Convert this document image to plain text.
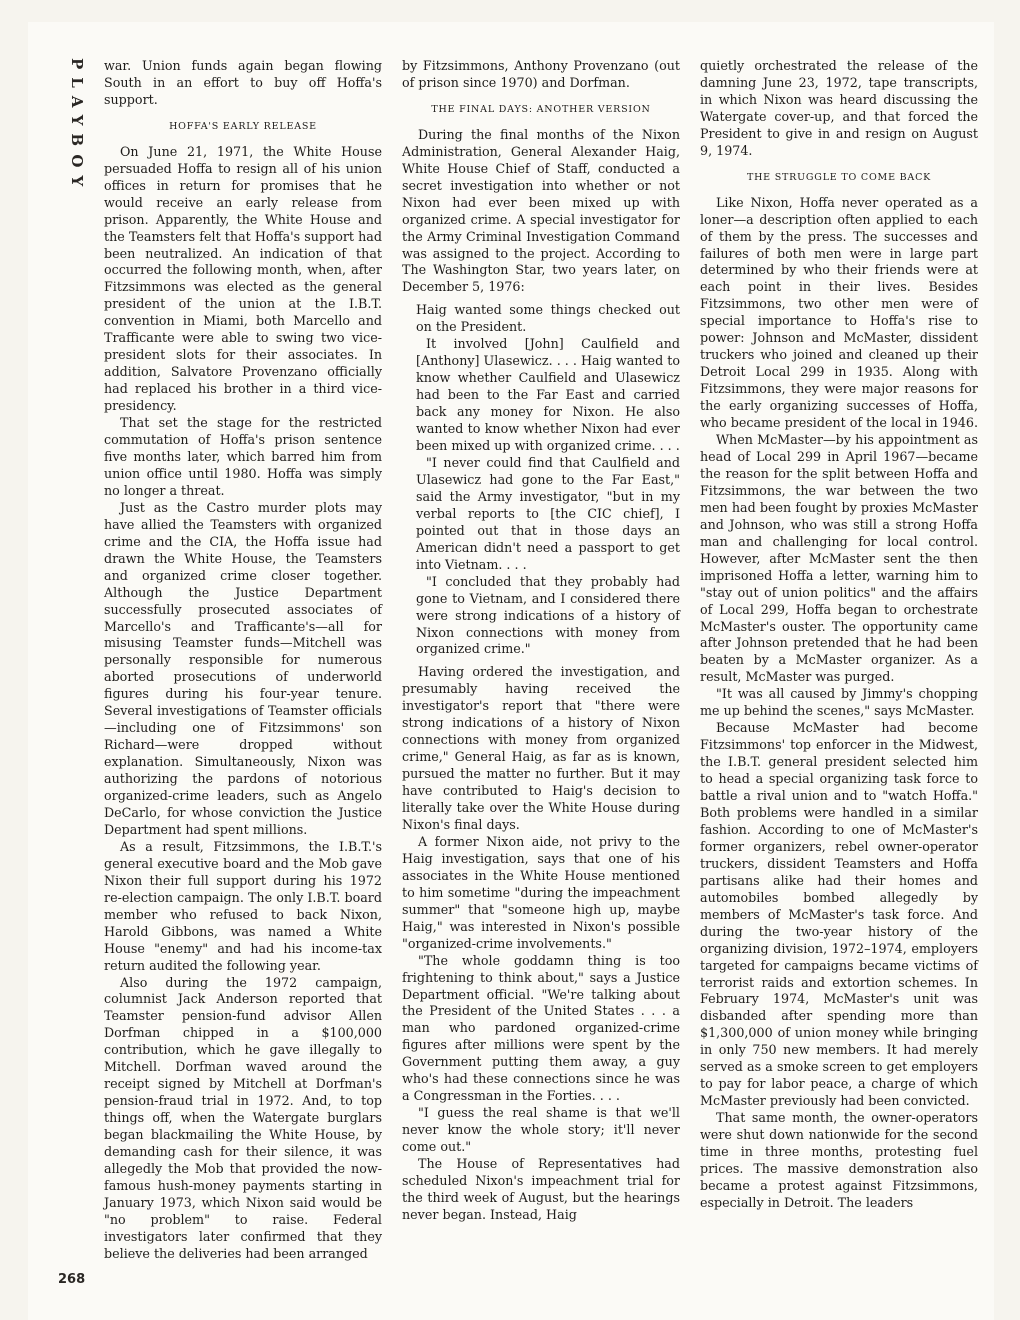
PLAYBOY
268

war. Union funds again began flowing South in an effort to buy off Hoffa's support.

HOFFA'S EARLY RELEASE

On June 21, 1971, the White House persuaded Hoffa to resign all of his union offices in return for promises that he would receive an early release from prison. Apparently, the White House and the Teamsters felt that Hoffa's support had been neutralized. An indication of that occurred the following month, when, after Fitzsimmons was elected as the general president of the union at the I.B.T. convention in Miami, both Marcello and Trafficante were able to swing two vice-president slots for their associates. In addition, Salvatore Provenzano officially had replaced his brother in a third vice-presidency.

That set the stage for the restricted commutation of Hoffa's prison sentence five months later, which barred him from union office until 1980. Hoffa was simply no longer a threat.

Just as the Castro murder plots may have allied the Teamsters with organized crime and the CIA, the Hoffa issue had drawn the White House, the Teamsters and organized crime closer together. Although the Justice Department successfully prosecuted associates of Marcello's and Trafficante's—all for misusing Teamster funds—Mitchell was personally responsible for numerous aborted prosecutions of underworld figures during his four-year tenure. Several investigations of Teamster officials—including one of Fitzsimmons' son Richard—were dropped without explanation. Simultaneously, Nixon was authorizing the pardons of notorious organized-crime leaders, such as Angelo DeCarlo, for whose conviction the Justice Department had spent millions.

As a result, Fitzsimmons, the I.B.T.'s general executive board and the Mob gave Nixon their full support during his 1972 re-election campaign. The only I.B.T. board member who refused to back Nixon, Harold Gibbons, was named a White House "enemy" and had his income-tax return audited the following year.

Also during the 1972 campaign, columnist Jack Anderson reported that Teamster pension-fund advisor Allen Dorfman chipped in a $100,000 contribution, which he gave illegally to Mitchell. Dorfman waved around the receipt signed by Mitchell at Dorfman's pension-fraud trial in 1972. And, to top things off, when the Watergate burglars began blackmailing the White House, by demanding cash for their silence, it was allegedly the Mob that provided the now-famous hush-money payments starting in January 1973, which Nixon said would be "no problem" to raise. Federal investigators later confirmed that they believe the deliveries had been arranged

by Fitzsimmons, Anthony Provenzano (out of prison since 1970) and Dorfman.

THE FINAL DAYS: ANOTHER VERSION

During the final months of the Nixon Administration, General Alexander Haig, White House Chief of Staff, conducted a secret investigation into whether or not Nixon had ever been mixed up with organized crime. A special investigator for the Army Criminal Investigation Command was assigned to the project. According to The Washington Star, two years later, on December 5, 1976:

Haig wanted some things checked out on the President.

It involved [John] Caulfield and [Anthony] Ulasewicz. . . . Haig wanted to know whether Caulfield and Ulasewicz had been to the Far East and carried back any money for Nixon. He also wanted to know whether Nixon had ever been mixed up with organized crime. . . .

"I never could find that Caulfield and Ulasewicz had gone to the Far East," said the Army investigator, "but in my verbal reports to [the CIC chief], I pointed out that in those days an American didn't need a passport to get into Vietnam. . . .

"I concluded that they probably had gone to Vietnam, and I considered there were strong indications of a history of Nixon connections with money from organized crime."

Having ordered the investigation, and presumably having received the investigator's report that "there were strong indications of a history of Nixon connections with money from organized crime," General Haig, as far as is known, pursued the matter no further. But it may have contributed to Haig's decision to literally take over the White House during Nixon's final days.

A former Nixon aide, not privy to the Haig investigation, says that one of his associates in the White House mentioned to him sometime "during the impeachment summer" that "someone high up, maybe Haig," was interested in Nixon's possible "organized-crime involvements."

"The whole goddamn thing is too frightening to think about," says a Justice Department official. "We're talking about the President of the United States . . . a man who pardoned organized-crime figures after millions were spent by the Government putting them away, a guy who's had these connections since he was a Congressman in the Forties. . . .

"I guess the real shame is that we'll never know the whole story; it'll never come out."

The House of Representatives had scheduled Nixon's impeachment trial for the third week of August, but the hearings never began. Instead, Haig

quietly orchestrated the release of the damning June 23, 1972, tape transcripts, in which Nixon was heard discussing the Watergate cover-up, and that forced the President to give in and resign on August 9, 1974.

THE STRUGGLE TO COME BACK

Like Nixon, Hoffa never operated as a loner—a description often applied to each of them by the press. The successes and failures of both men were in large part determined by who their friends were at each point in their lives. Besides Fitzsimmons, two other men were of special importance to Hoffa's rise to power: Johnson and McMaster, dissident truckers who joined and cleaned up their Detroit Local 299 in 1935. Along with Fitzsimmons, they were major reasons for the early organizing successes of Hoffa, who became president of the local in 1946.

When McMaster—by his appointment as head of Local 299 in April 1967—became the reason for the split between Hoffa and Fitzsimmons, the war between the two men had been fought by proxies McMaster and Johnson, who was still a strong Hoffa man and challenging for local control. However, after McMaster sent the then imprisoned Hoffa a letter, warning him to "stay out of union politics" and the affairs of Local 299, Hoffa began to orchestrate McMaster's ouster. The opportunity came after Johnson pretended that he had been beaten by a McMaster organizer. As a result, McMaster was purged.

"It was all caused by Jimmy's chopping me up behind the scenes," says McMaster.

Because McMaster had become Fitzsimmons' top enforcer in the Midwest, the I.B.T. general president selected him to head a special organizing task force to battle a rival union and to "watch Hoffa." Both problems were handled in a similar fashion. According to one of McMaster's former organizers, rebel owner-operator truckers, dissident Teamsters and Hoffa partisans alike had their homes and automobiles bombed allegedly by members of McMaster's task force. And during the two-year history of the organizing division, 1972–1974, employers targeted for campaigns became victims of terrorist raids and extortion schemes. In February 1974, McMaster's unit was disbanded after spending more than $1,300,000 of union money while bringing in only 750 new members. It had merely served as a smoke screen to get employers to pay for labor peace, a charge of which McMaster previously had been convicted.

That same month, the owner-operators were shut down nationwide for the second time in three months, protesting fuel prices. The massive demonstration also became a protest against Fitzsimmons, especially in Detroit. The leaders
